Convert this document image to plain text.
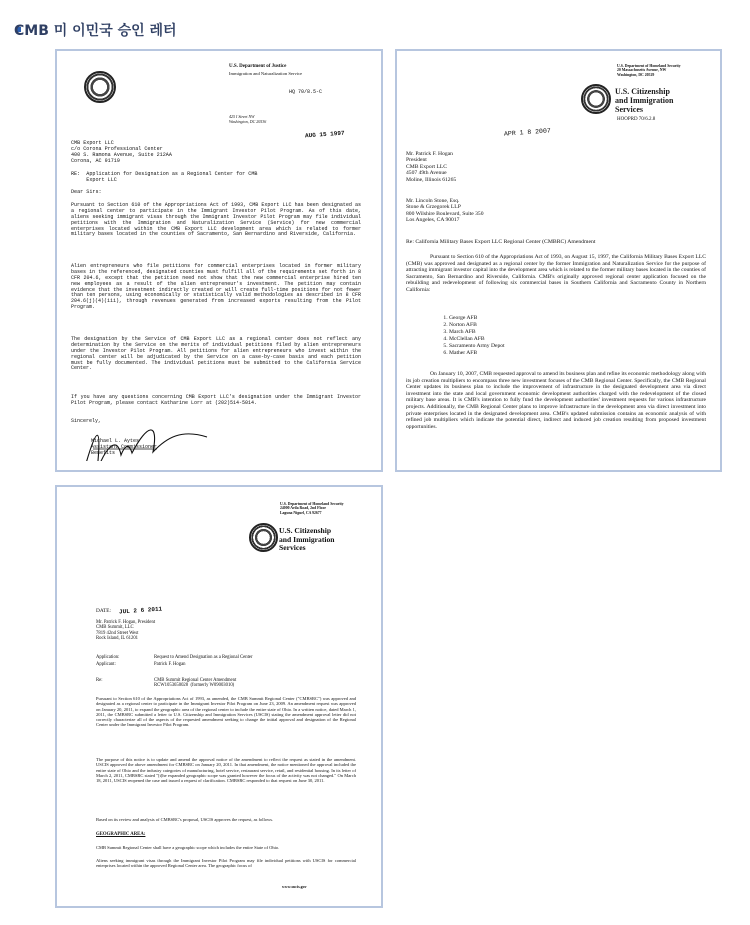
CMB 미 이민국 승인 레터
U.S. Department of Justice
Immigration and Naturalization Service
HQ 70/8.5-C
425 I Street NW
Washington, DC 20536
AUG 15 1997
CMB Export LLC
c/o Corona Professional Center
400 S. Ramona Avenue, Suite 212AA
Corona, AC 91719
RE:  Application for Designation as a Regional Center for CMB
Export LLC
Dear Sirs:
Pursuant to Section 610 of the Appropriations Act of 1993, CMB Export LLC has been designated as a regional center to participate in the Immigrant Investor Pilot Program. As of this date, aliens seeking immigrant visas through the Immigrant Investor Pilot Program may file individual petitions with the Immigration and Naturalization Service (Service) for new commercial enterprises located within the CMB Export LLC development area which is related to former military bases located in the counties of Sacramento, San Bernardino and Riverside, California.
Alien entrepreneurs who file petitions for commercial enterprises located in former military bases in the referenced, designated counties must fulfill all of the requirements set forth in 8 CFR 204.6, except that the petition need not show that the new commercial enterprise hired ten new employees as a result of the alien entrepreneur's investment. The petition may contain evidence that the investment indirectly created or will create full-time positions for not fewer than ten persons, using economically or statistically valid methodologies as described in 8 CFR 204.6(j)(4)(iii), through revenues generated from increased exports resulting from the Pilot Program.
The designation by the Service of CMB Export LLC as a regional center does not reflect any determination by the Service on the merits of individual petitions filed by alien entrepreneurs under the Investor Pilot Program. All petitions for alien entrepreneurs who invest within the regional center will be adjudicated by the Service on a case-by-case basis and each petition must be fully documented. The individual petitions must be submitted to the California Service Center.
If you have any questions concerning CMB Export LLC's designation under the Immigrant Investor Pilot Program, please contact Katharine Lorr at (202)514-5014.
Sincerely,
Michael L. Aytes
Assistant Commissioner
Benefits
U.S. Department of Homeland Security
20 Massachusetts Avenue, NW
Washington, DC 20529
U.S. Citizenship
and Immigration
Services
HOOPRD 70/6.2.8
APR 1 8 2007
Mr. Patrick F. Hogan
President
CMB Export LLC
4507 49th Avenue
Moline, Illinois 61265
Mr. Lincoln Stone, Esq.
Stone & Grzegorek LLP
800 Wilshire Boulevard, Suite 350
Los Angeles, CA 90017
Re: California Military Bases Export LLC Regional Center (CMBRC) Amendment
Pursuant to Section 610 of the Appropriations Act of 1993, on August 15, 1997, the California Military Bases Export LLC (CMB) was approved and designated as a regional center by the former Immigration and Naturalization Service for the purpose of attracting immigrant investor capital into the development area which is related to the former military bases located in the counties of Sacramento, San Bernardino and Riverside, California. CMB's originally approved regional center application focused on the rebuilding and redevelopment of following six commercial bases in Southern California and Sacramento County in Northern California:
1. George AFB
2. Norton AFB
3. March AFB
4. McClellan AFB
5. Sacramento Army Depot
6. Mather AFB
On January 10, 2007, CMB requested approval to amend its business plan and refine its economic methodology along with its job creation multipliers to encompass three new investment focuses of the CMB Regional Center. Specifically, the CMB Regional Center updates its business plan to include the improvement of infrastructure in the designated development area via direct investment into the state and local government economic development authorities charged with the redevelopment of the closed military base areas. It is CMB's intention to fully fund the development authorities' investment requests for various infrastructure projects. Additionally, the CMB Regional Center plans to improve infrastructure in the development area via direct investment into private enterprises located in the designated development area. CMB's updated submission contains an economic analysis of with refined job multipliers which indicate the potential direct, indirect and induced job creation resulting from proposed investment opportunities.
U.S. Department of Homeland Security
24000 Avila Road, 2nd Floor
Laguna Niguel, CA 92677
U.S. Citizenship
and Immigration
Services
DATE: JUL 2 6 2011
Mr. Patrick F. Hogan, President
CMB Summit, LLC
7819 42nd Street West
Rock Island, IL 61201
Application:	Request to Amend Designation as a Regional Center
Applicant:	Patrick F. Hogan
Re:	CMB Summit Regional Center Amendment
RCW1053650028  (formerly W09003010)
Pursuant to Section 610 of the Appropriations Act of 1993, as amended, the CMB Summit Regional Center ("CMBSRC") was approved and designated as a regional center to participate in the Immigrant Investor Pilot Program on June 23, 2009. An amendment request was approved on January 20, 2011, to expand the geographic area of the regional center to include the entire state of Ohio. In a written notice, dated March 1, 2011, the CMBSRC submitted a letter to U.S. Citizenship and Immigration Services (USCIS) stating the amendment approval letter did not correctly characterize all of the aspects of the requested amendment seeking to change the initial approval and designation of the Regional Center under the Immigrant Investor Pilot Program.
The purpose of this notice is to update and amend the approval notice of the amendment to reflect the request as stated in the amendment. USCIS approved the above amendment for CMBSRC on January 20, 2011. In that amendment, the notice mentioned the approval included the entire state of Ohio and the industry categories of manufacturing, hotel service, restaurant service, retail, and residential housing. In its letter of March 2, 2011, CMBSRC stated "[t]he expanded geographic scope was granted however the focus of the activity was not changed." On March 18, 2011, USCIS reopened the case and issued a request of clarification. CMBSRC responded to that request on June 30, 2011.
Based on its review and analysis of CMBSRC's proposal, USCIS approves the request, as follows.
GEOGRAPHIC AREA:
CMB Summit Regional Center shall have a geographic scope which includes the entire State of Ohio.
Aliens seeking immigrant visas through the Immigrant Investor Pilot Program may file individual petitions with USCIS for commercial enterprises located within the approved Regional Center area. The geographic focus of
www.uscis.gov
